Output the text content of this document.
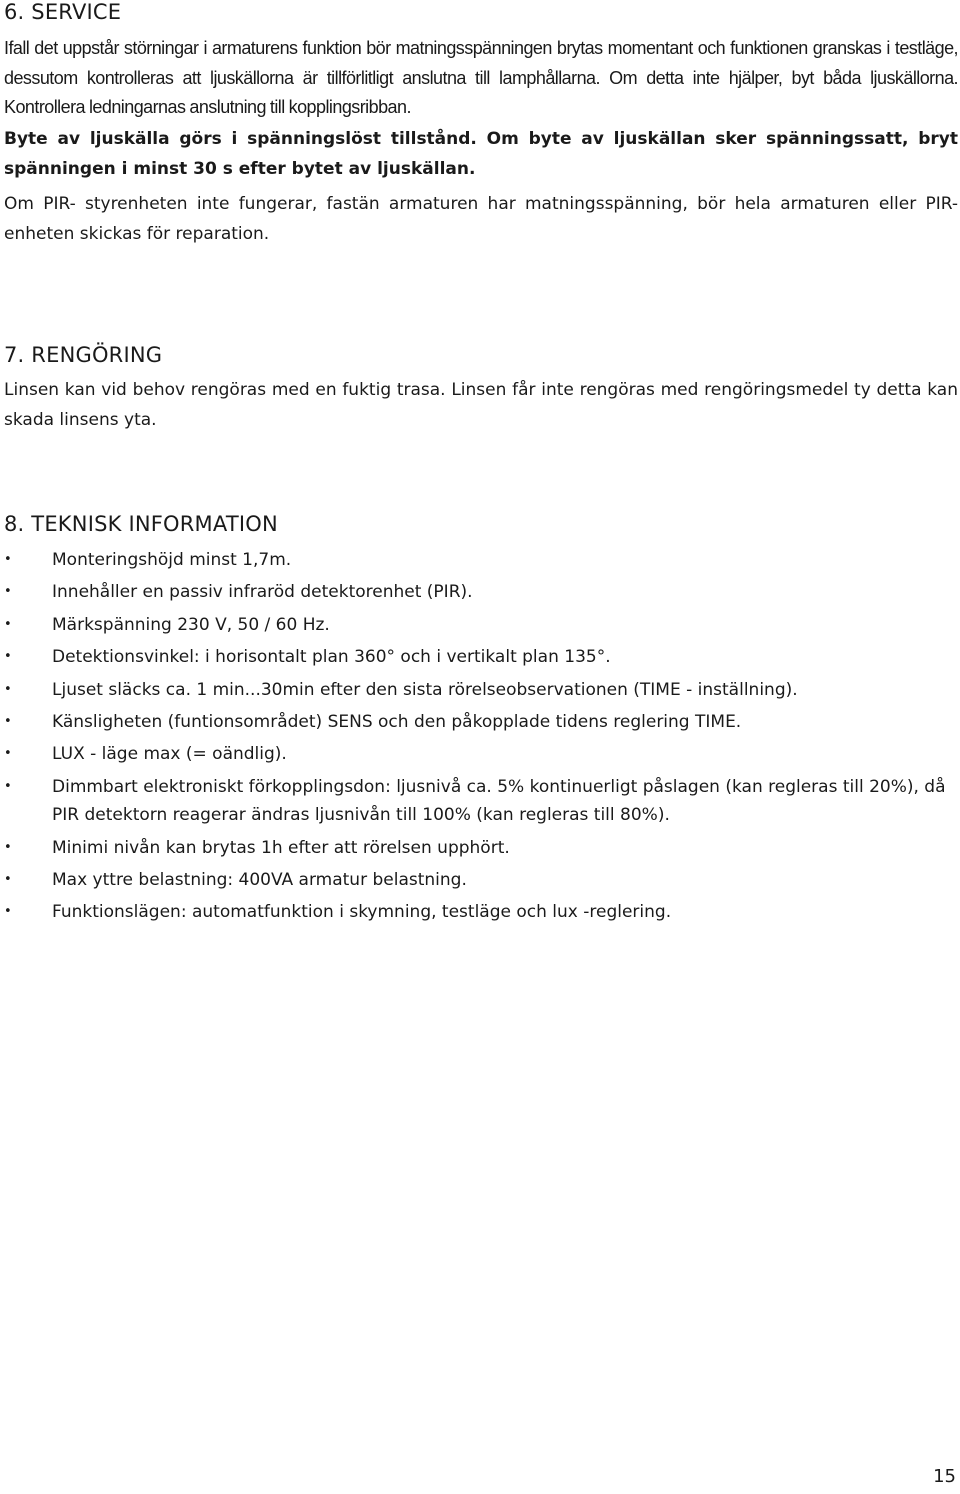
6. SERVICE

Ifall det uppstår störningar i armaturens funktion bör matningsspänningen brytas momentant och funktionen granskas i testläge, dessutom kontrolleras att ljuskällorna är tillförlitligt anslutna till lamphållarna. Om detta inte hjälper, byt båda ljuskällorna. Kontrollera ledningarnas anslutning till kopplingsribban.

Byte av ljuskälla görs i spänningslöst tillstånd. Om byte av ljuskällan sker spänningssatt, bryt spänningen i minst 30 s efter bytet av ljuskällan.

Om PIR- styrenheten inte fungerar, fastän armaturen har matningsspänning, bör hela armaturen eller PIR- enheten skickas för reparation.

7. RENGÖRING

Linsen kan vid behov rengöras med en fuktig trasa. Linsen får inte rengöras med rengöringsmedel ty detta kan skada linsens yta.

8. TEKNISK INFORMATION
• Monteringshöjd minst 1,7m.
• Innehåller en passiv infraröd detektorenhet (PIR).
• Märkspänning 230 V, 50 / 60 Hz.
• Detektionsvinkel: i horisontalt plan 360° och i vertikalt plan 135°.
• Ljuset släcks ca. 1 min...30min efter den sista rörelseobservationen (TIME - inställning).
• Känsligheten (funtionsområdet) SENS och den påkopplade tidens reglering TIME.
• LUX - läge max (= oändlig).
• Dimmbart elektroniskt förkopplingsdon: ljusnivå ca. 5% kontinuerligt påslagen (kan regleras till 20%), då PIR detektorn reagerar ändras ljusnivån till 100% (kan regleras till 80%).
• Minimi nivån kan brytas 1h efter att rörelsen upphört.
• Max yttre belastning: 400VA armatur belastning.
• Funktionslägen: automatfunktion i skymning, testläge och lux -reglering.
15
